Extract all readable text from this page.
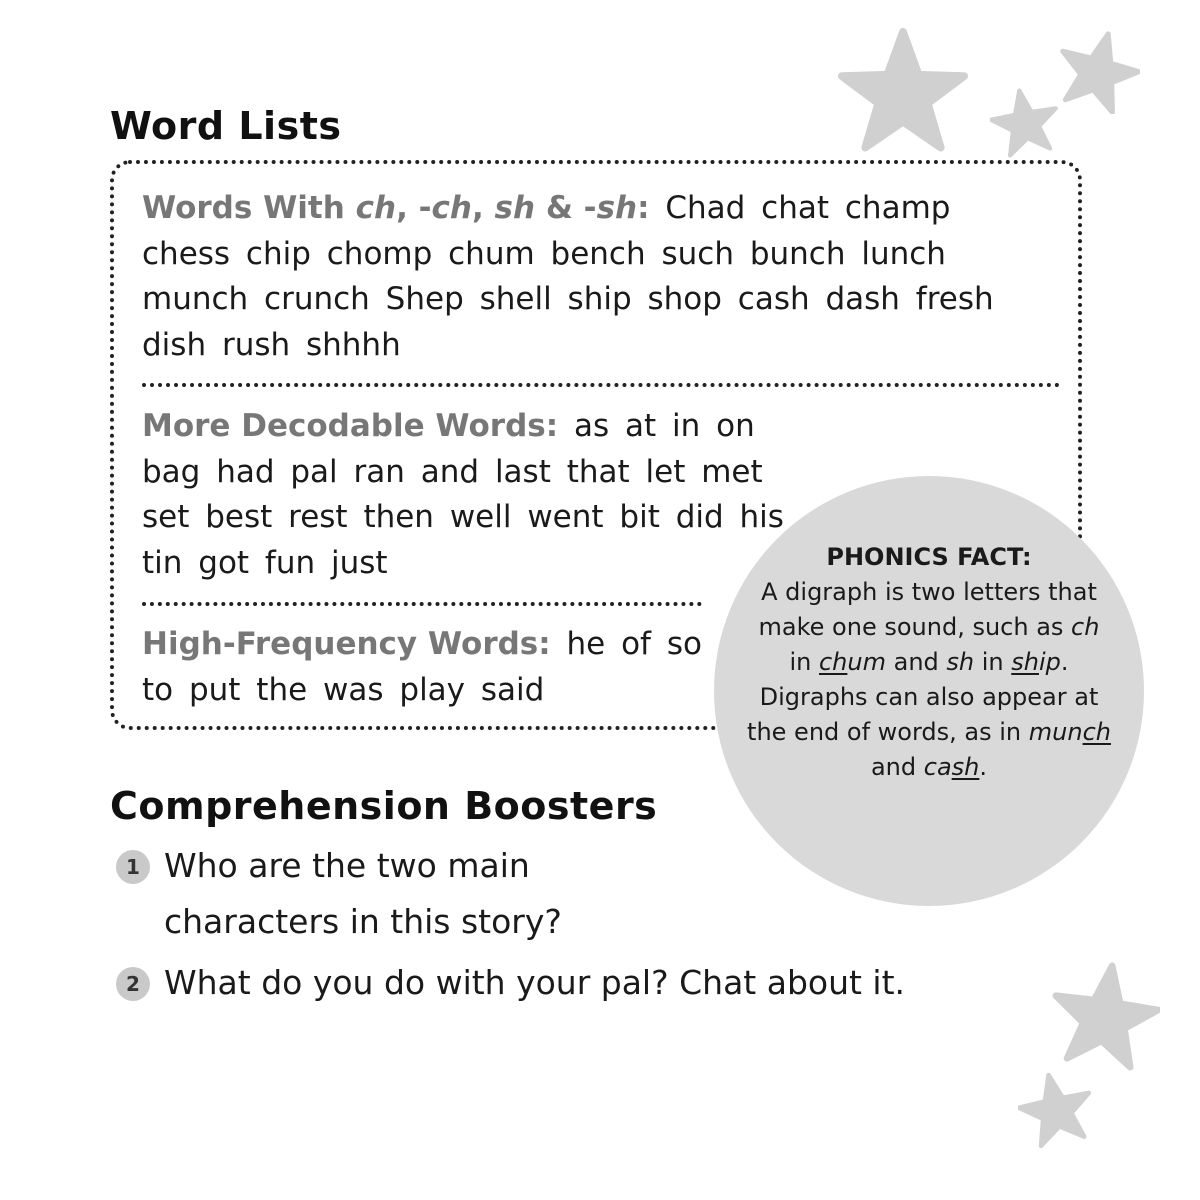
Word Lists

Words With ch, -ch, sh & -sh: Chad chat champ chess chip chomp chum bench such bunch lunch munch crunch Shep shell ship shop cash dash fresh dish rush shhhh

More Decodable Words: as at in on bag had pal ran and last that let met set best rest then well went bit did his tin got fun just

High-Frequency Words: he of so to put the was play said

PHONICS FACT:
A digraph is two letters that make one sound, such as ch in chum and sh in ship. Digraphs can also appear at the end of words, as in munch and cash.

Comprehension Boosters
1 Who are the two main characters in this story?
2 What do you do with your pal? Chat about it.
